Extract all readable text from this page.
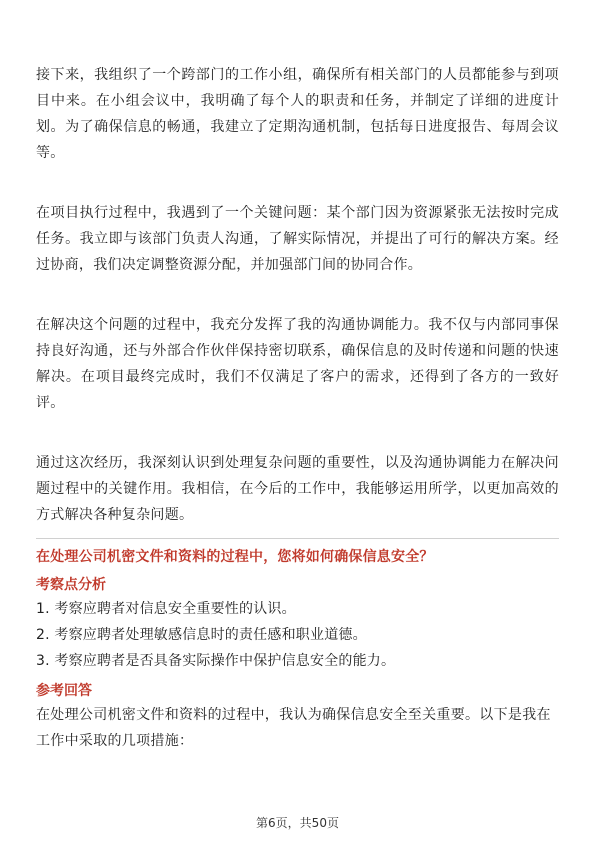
接下来，我组织了一个跨部门的工作小组，确保所有相关部门的人员都能参与到项目中来。在小组会议中，我明确了每个人的职责和任务，并制定了详细的进度计划。为了确保信息的畅通，我建立了定期沟通机制，包括每日进度报告、每周会议等。

在项目执行过程中，我遇到了一个关键问题：某个部门因为资源紧张无法按时完成任务。我立即与该部门负责人沟通，了解实际情况，并提出了可行的解决方案。经过协商，我们决定调整资源分配，并加强部门间的协同合作。

在解决这个问题的过程中，我充分发挥了我的沟通协调能力。我不仅与内部同事保持良好沟通，还与外部合作伙伴保持密切联系，确保信息的及时传递和问题的快速解决。在项目最终完成时，我们不仅满足了客户的需求，还得到了各方的一致好评。

通过这次经历，我深刻认识到处理复杂问题的重要性，以及沟通协调能力在解决问题过程中的关键作用。我相信，在今后的工作中，我能够运用所学，以更加高效的方式解决各种复杂问题。

在处理公司机密文件和资料的过程中，您将如何确保信息安全？
考察点分析

1. 考察应聘者对信息安全重要性的认识。

2. 考察应聘者处理敏感信息时的责任感和职业道德。

3. 考察应聘者是否具备实际操作中保护信息安全的能力。

参考回答

在处理公司机密文件和资料的过程中，我认为确保信息安全至关重要。以下是我在工作中采取的几项措施：

第6页，共50页
